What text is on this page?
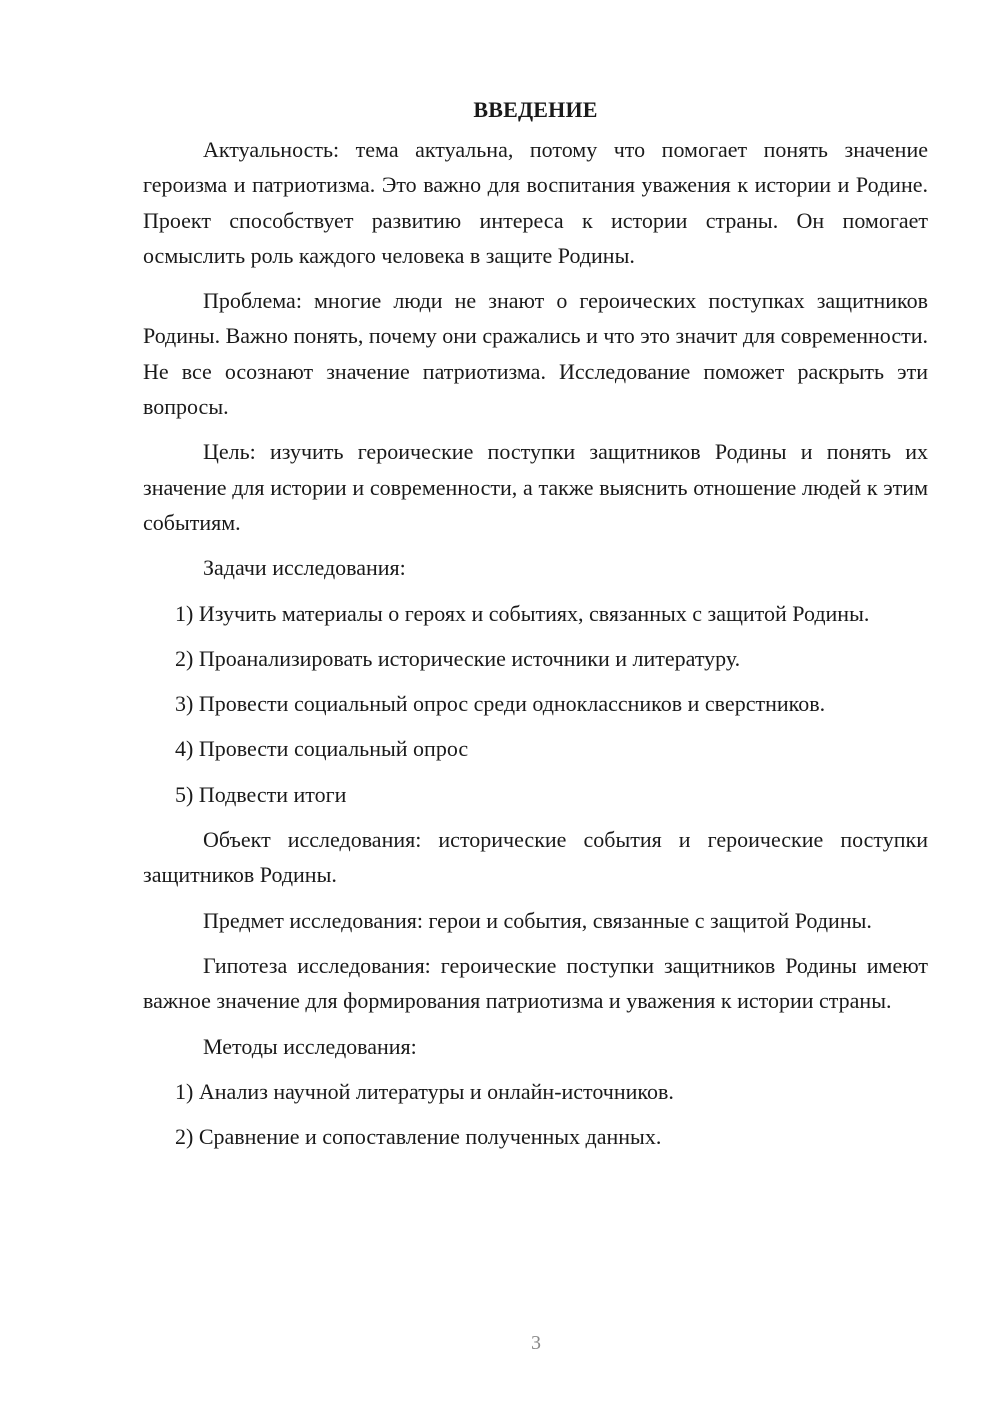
ВВЕДЕНИЕ

Актуальность: тема актуальна, потому что помогает понять значение героизма и патриотизма. Это важно для воспитания уважения к истории и Родине. Проект способствует развитию интереса к истории страны. Он помогает осмыслить роль каждого человека в защите Родины.

Проблема: многие люди не знают о героических поступках защитников Родины. Важно понять, почему они сражались и что это значит для современности. Не все осознают значение патриотизма. Исследование поможет раскрыть эти вопросы.

Цель: изучить героические поступки защитников Родины и понять их значение для истории и современности, а также выяснить отношение людей к этим событиям.

Задачи исследования:

1) Изучить материалы о героях и событиях, связанных с защитой Родины.

2) Проанализировать исторические источники и литературу.

3) Провести социальный опрос среди одноклассников и сверстников.

4) Провести социальный опрос

5) Подвести итоги

Объект исследования: исторические события и героические поступки защитников Родины.

Предмет исследования: герои и события, связанные с защитой Родины.

Гипотеза исследования: героические поступки защитников Родины имеют важное значение для формирования патриотизма и уважения к истории страны.

Методы исследования:

1) Анализ научной литературы и онлайн-источников.

2) Сравнение и сопоставление полученных данных.

3
